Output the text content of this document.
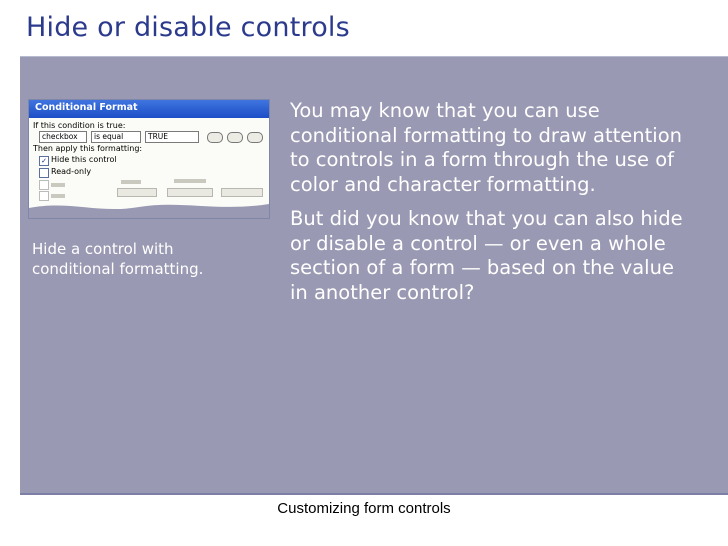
Hide or disable controls
Conditional Format
If this condition is true:
checkbox	is equal	TRUE
Then apply this formatting:
✓ Hide this control
Read-only
Hide a control with conditional formatting.

You may know that you can use conditional formatting to draw attention to controls in a form through the use of color and character formatting.

But did you know that you can also hide or disable a control — or even a whole section of a form — based on the value in another control?

Customizing form controls
